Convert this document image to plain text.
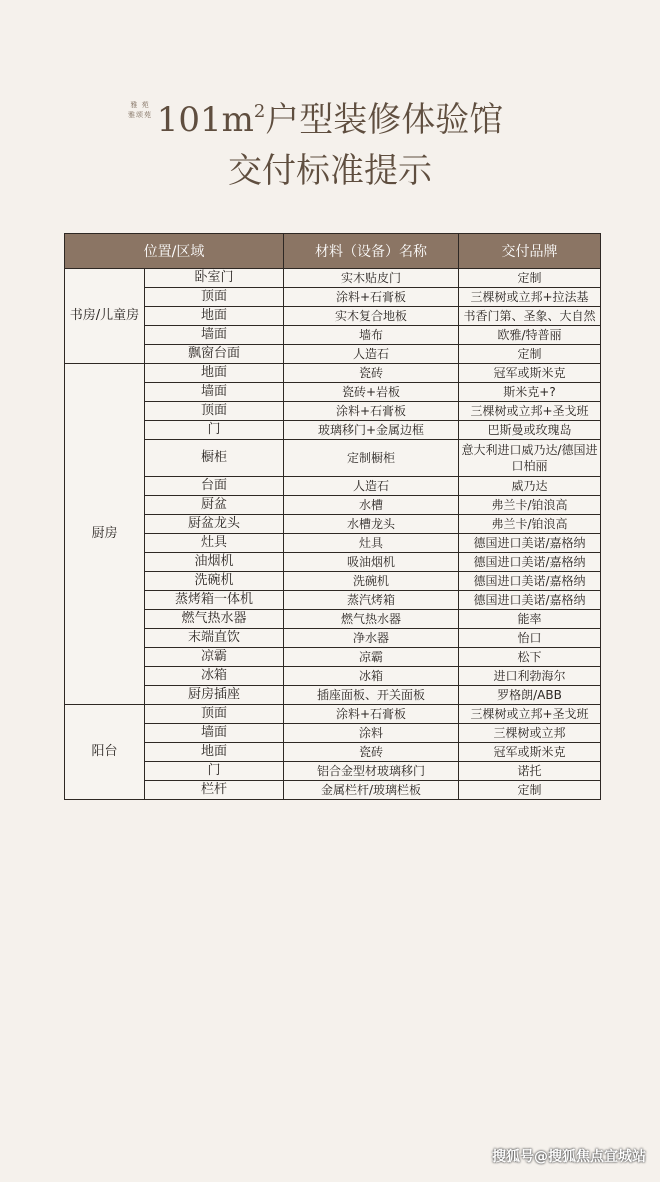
雅 苑
雅颂苑 $101m^2$户型装修体验馆
交付标准提示
位置/区域		材料（设备）名称	交付品牌
书房/儿童房	卧室门	实木贴皮门	定制
	顶面	涂料+石膏板	三棵树或立邦+拉法基
	地面	实木复合地板	书香门第、圣象、大自然
	墙面	墙布	欧雅/特普丽
	飘窗台面	人造石	定制
厨房	地面	瓷砖	冠军或斯米克
	墙面	瓷砖+岩板	斯米克+?
	顶面	涂料+石膏板	三棵树或立邦+圣戈班
	门	玻璃移门+金属边框	巴斯曼或玫瑰岛
	橱柜	定制橱柜	意大利进口威乃达/德国进口柏丽
	台面	人造石	威乃达
	厨盆	水槽	弗兰卡/铂浪高
	厨盆龙头	水槽龙头	弗兰卡/铂浪高
	灶具	灶具	德国进口美诺/嘉格纳
	油烟机	吸油烟机	德国进口美诺/嘉格纳
	洗碗机	洗碗机	德国进口美诺/嘉格纳
	蒸烤箱一体机	蒸汽烤箱	德国进口美诺/嘉格纳
	燃气热水器	燃气热水器	能率
	末端直饮	净水器	怡口
	凉霸	凉霸	松下
	冰箱	冰箱	进口利勃海尔
	厨房插座	插座面板、开关面板	罗格朗/ABB
阳台	顶面	涂料+石膏板	三棵树或立邦+圣戈班
	墙面	涂料	三棵树或立邦
	地面	瓷砖	冠军或斯米克
	门	铝合金型材玻璃移门	诺托
	栏杆	金属栏杆/玻璃栏板	定制
搜狐号@搜狐焦点宜城站
